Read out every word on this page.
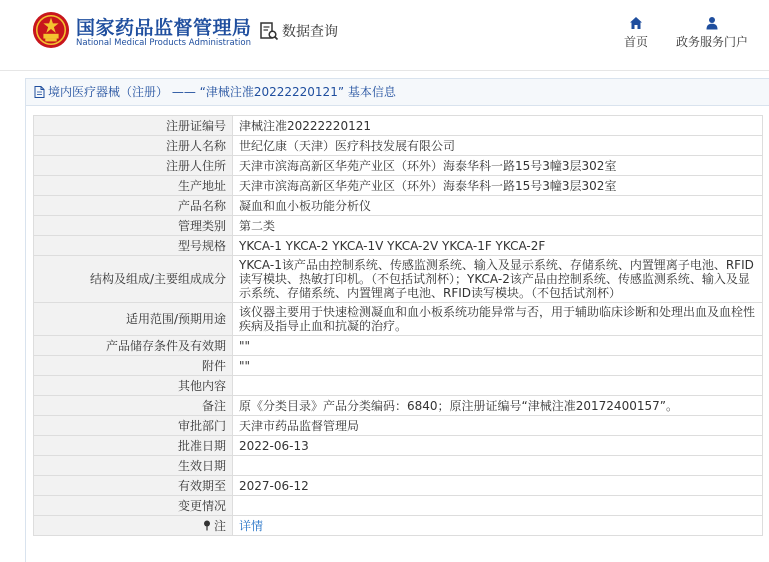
国家药品监督管理局
National Medical Products Administration
数据查询
首页	政务服务门户
境内医疗器械（注册） —— “津械注准20222220121” 基本信息
注册证编号	津械注准20222220121
注册人名称	世纪亿康（天津）医疗科技发展有限公司
注册人住所	天津市滨海高新区华苑产业区（环外）海泰华科一路15号3幢3层302室
生产地址	天津市滨海高新区华苑产业区（环外）海泰华科一路15号3幢3层302室
产品名称	凝血和血小板功能分析仪
管理类别	第二类
型号规格	YKCA-1 YKCA-2 YKCA-1V YKCA-2V YKCA-1F YKCA-2F
结构及组成/主要组成成分	YKCA-1该产品由控制系统、传感监测系统、输入及显示系统、存储系统、内置锂离子电池、RFID读写模块、热敏打印机。（不包括试剂杯）；YKCA-2该产品由控制系统、传感监测系统、输入及显示系统、存储系统、内置锂离子电池、RFID读写模块。（不包括试剂杯）
适用范围/预期用途	该仪器主要用于快速检测凝血和血小板系统功能异常与否，用于辅助临床诊断和处理出血及血栓性疾病及指导止血和抗凝的治疗。
产品储存条件及有效期	""
附件	""
其他内容	
备注	原《分类目录》产品分类编码：6840；原注册证编号“津械注准20172400157”。
审批部门	天津市药品监督管理局
批准日期	2022-06-13
生效日期	
有效期至	2027-06-12
变更情况	
注	详情
